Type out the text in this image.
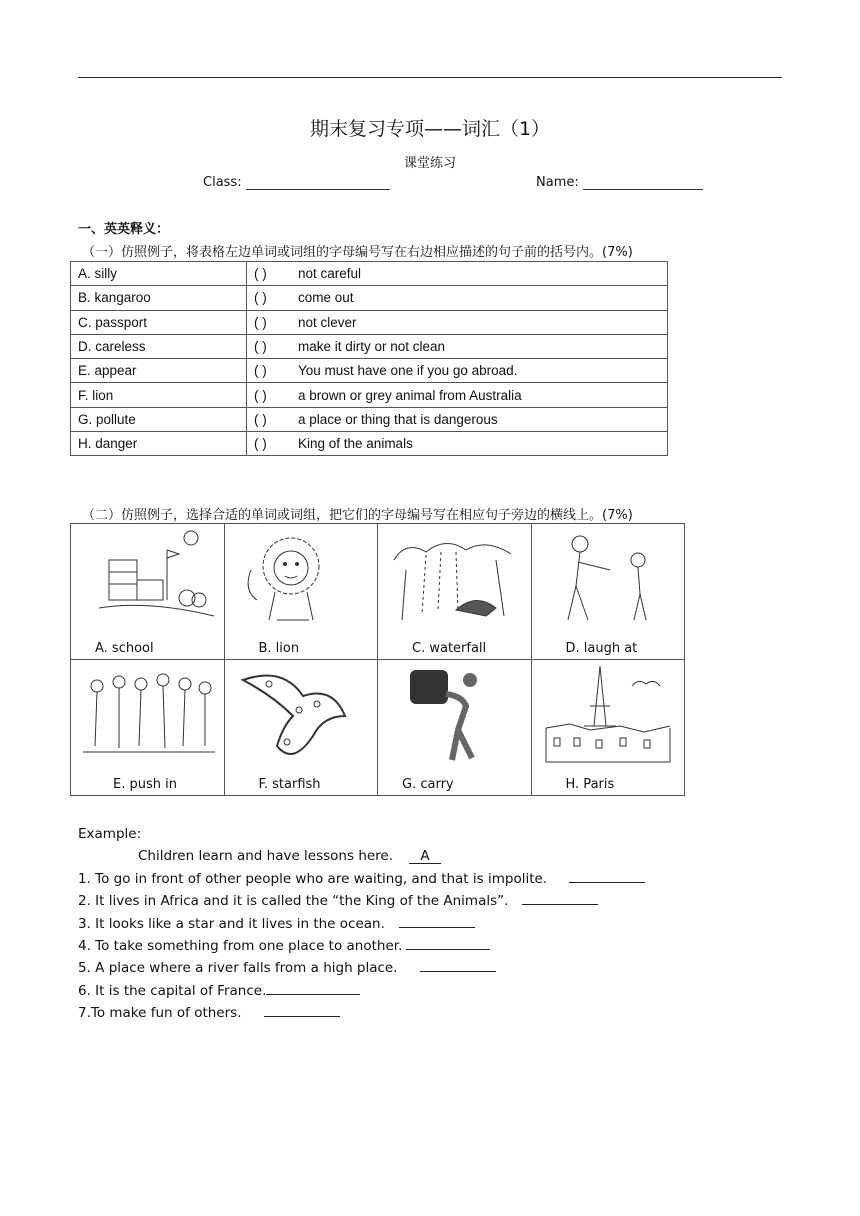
期末复习专项——词汇（1）
课堂练习
Class:	Name:
一、英英释义：
（一）仿照例子，将表格左边单词或词组的字母编号写在右边相应描述的句子前的括号内。(7%)
A. silly	( ) not careful
B. kangaroo	( ) come out
C. passport	( ) not clever
D. careless	( ) make it dirty or not clean
E. appear	( ) You must have one if you go abroad.
F. lion	( ) a brown or grey animal from Australia
G. pollute	( ) a place or thing that is dangerous
H. danger	( ) King of the animals
（二）仿照例子，选择合适的单词或词组，把它们的字母编号写在相应句子旁边的横线上。(7%)
A. school	B. lion	C. waterfall	D. laugh at

E. push in	F. starfish	G. carry	H. Paris
Example:
Children learn and have lessons here. A
1. To go in front of other people who are waiting, and that is impolite.
2. It lives in Africa and it is called the “the King of the Animals”.
3. It looks like a star and it lives in the ocean.
4. To take something from one place to another.
5. A place where a river falls from a high place.
6. It is the capital of France.
7.To make fun of others.
